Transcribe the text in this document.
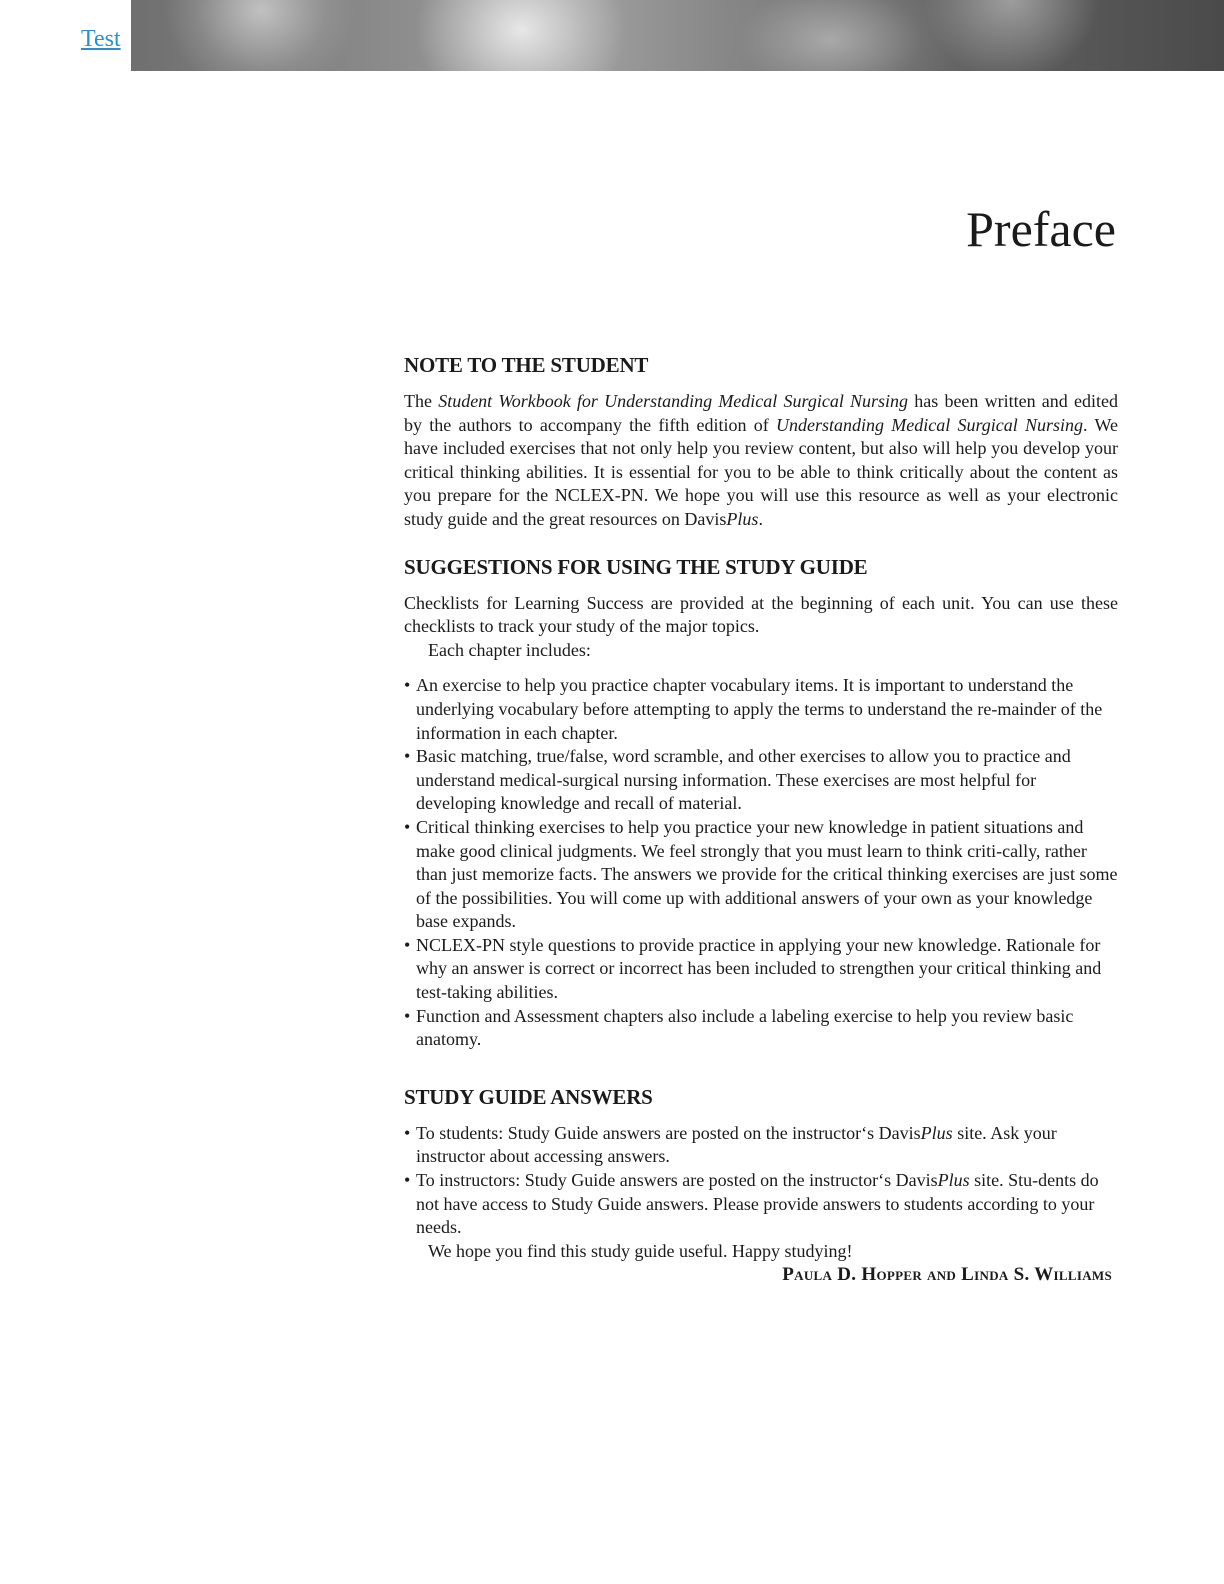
Test
Preface
NOTE TO THE STUDENT

The Student Workbook for Understanding Medical Surgical Nursing has been written and edited by the authors to accompany the fifth edition of Understanding Medical Surgical Nursing. We have included exercises that not only help you review content, but also will help you develop your critical thinking abilities. It is essential for you to be able to think critically about the content as you prepare for the NCLEX-PN. We hope you will use this resource as well as your electronic study guide and the great resources on DavisPlus.

SUGGESTIONS FOR USING THE STUDY GUIDE

Checklists for Learning Success are provided at the beginning of each unit. You can use these checklists to track your study of the major topics.

Each chapter includes:

• An exercise to help you practice chapter vocabulary items. It is important to understand the underlying vocabulary before attempting to apply the terms to understand the re-mainder of the information in each chapter.
• Basic matching, true/false, word scramble, and other exercises to allow you to practice and understand medical-surgical nursing information. These exercises are most helpful for developing knowledge and recall of material.
• Critical thinking exercises to help you practice your new knowledge in patient situations and make good clinical judgments. We feel strongly that you must learn to think criti-cally, rather than just memorize facts. The answers we provide for the critical thinking exercises are just some of the possibilities. You will come up with additional answers of your own as your knowledge base expands.
• NCLEX-PN style questions to provide practice in applying your new knowledge. Rationale for why an answer is correct or incorrect has been included to strengthen your critical thinking and test-taking abilities.
• Function and Assessment chapters also include a labeling exercise to help you review basic anatomy.
STUDY GUIDE ANSWERS
• To students: Study Guide answers are posted on the instructor‘s DavisPlus site. Ask your instructor about accessing answers.
• To instructors: Study Guide answers are posted on the instructor‘s DavisPlus site. Stu-dents do not have access to Study Guide answers. Please provide answers to students according to your needs.

We hope you find this study guide useful. Happy studying!

Paula D. Hopper and Linda S. Williams
